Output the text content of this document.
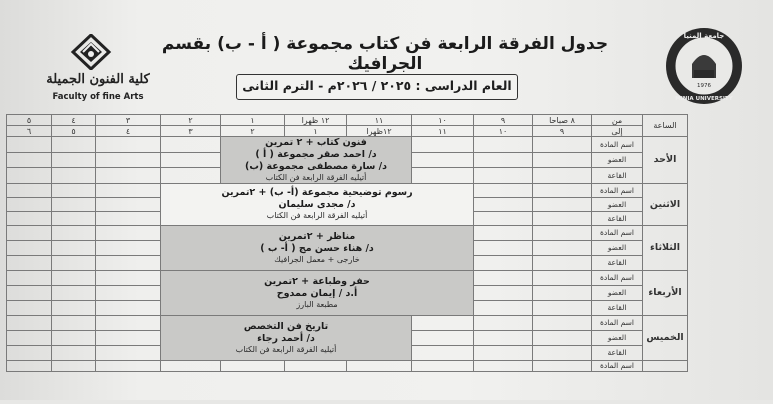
كلية الفنون الجميلة
Faculty of fine Arts
جدول الفرقة الرابعة فن كتاب مجموعة ( أ - ب) بقسم الجرافيك
العام الدراسى : ٢٠٢٥ / ٢٠٢٦م - الترم الثانى	1976
جامعة المنيا
MINIA UNIVERSITY
٥	٤	٣	٢	١	١٢ ظهرا	١١	١٠	٩	٨ صباحا	من	الساعة
٦	٥	٤	٣	٢	١	١٢ظهرا	١١	١٠	٩	إلى	

				فنون كتاب + ٢ تمرين
د/ احمد صقر مجموعة ( أ )
د/ سارة مصطفى مجموعة (ب)
أتيليه الفرقة الرابعة فن الكتاب						اسم المادة	الأحد
										العضو	
										القاعة	

			رسوم توضيحية مجموعة (أ- ب) + ٢تمرين
د/ مجدى سليمان
أتيليه الفرقة الرابعة فن الكتاب							اسم المادة	الاثنين
										العضو	
										القاعة	

			مناظر + ٢تمرين
د/ هناء حسن مج ( أ- ب )
خارجى + معمل الجرافيك							اسم المادة	الثلاثاء
										العضو	
										القاعة	

			حفر وطباعة + ٢تمرين
أ.د / إيمان ممدوح
مطبعة البارز							اسم المادة	الأربعاء
										العضو	
										القاعة	

			تاريخ فن التخصص
د/ أحمد رجاء
أتيليه الفرقة الرابعة فن الكتاب							اسم المادة	الخميس
										العضو	
										القاعة	
										اسم المادة	
